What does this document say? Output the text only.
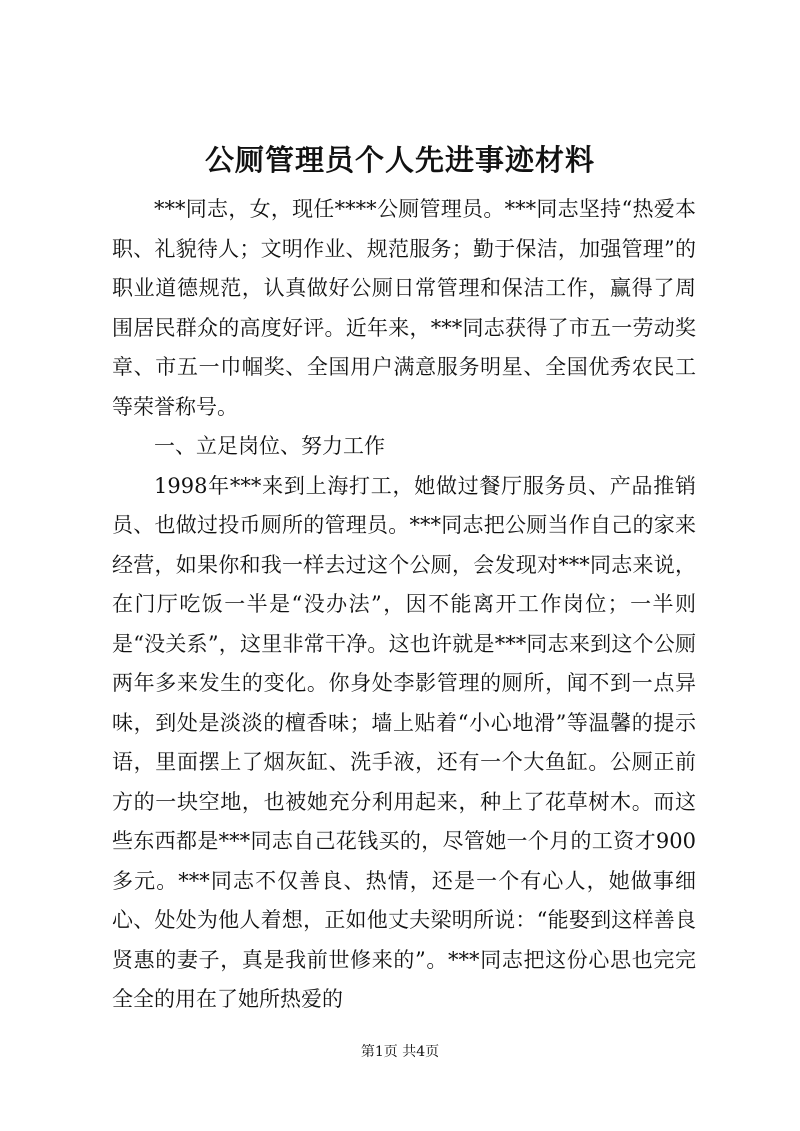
公厕管理员个人先进事迹材料

***同志，女，现任****公厕管理员。***同志坚持“热爱本职、礼貌待人；文明作业、规范服务；勤于保洁，加强管理”的职业道德规范，认真做好公厕日常管理和保洁工作，赢得了周围居民群众的高度好评。近年来，***同志获得了市五一劳动奖章、市五一巾帼奖、全国用户满意服务明星、全国优秀农民工等荣誉称号。

一、立足岗位、努力工作

1998年***来到上海打工，她做过餐厅服务员、产品推销员、也做过投币厕所的管理员。***同志把公厕当作自己的家来经营，如果你和我一样去过这个公厕，会发现对***同志来说，在门厅吃饭一半是“没办法”，因不能离开工作岗位；一半则是“没关系”，这里非常干净。这也许就是***同志来到这个公厕两年多来发生的变化。你身处李影管理的厕所，闻不到一点异味，到处是淡淡的檀香味；墙上贴着“小心地滑”等温馨的提示语，里面摆上了烟灰缸、洗手液，还有一个大鱼缸。公厕正前方的一块空地，也被她充分利用起来，种上了花草树木。而这些东西都是***同志自己花钱买的，尽管她一个月的工资才900多元。***同志不仅善良、热情，还是一个有心人，她做事细心、处处为他人着想，正如他丈夫梁明所说：“能娶到这样善良贤惠的妻子，真是我前世修来的”。***同志把这份心思也完完全全的用在了她所热爱的

第1页 共4页
